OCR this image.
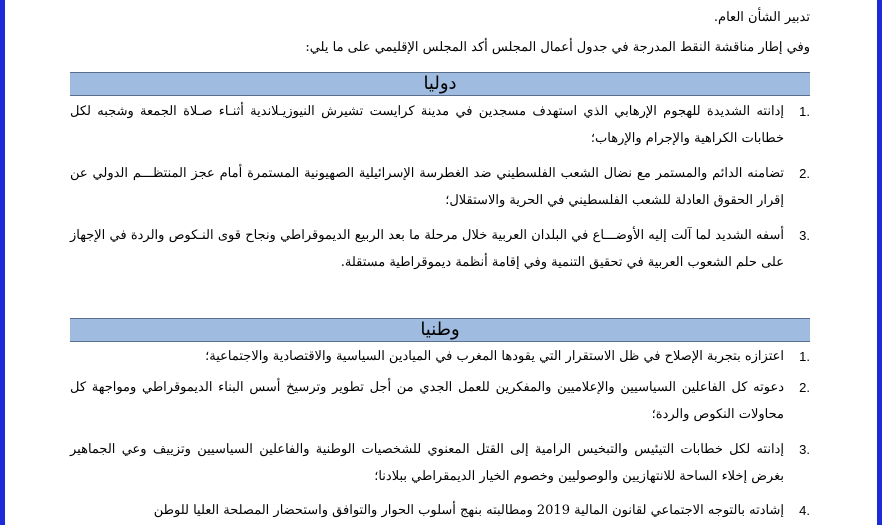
تدبير الشأن العام.
وفي إطار مناقشة النقط المدرجة في جدول أعمال المجلس أكد المجلس الإقليمي على ما يلي:
دوليا
1.
إدانته الشديدة للهجوم الإرهابي الذي استهدف مسجدين في مدينة كرايست تشيرش النيوزيـلاندية أثنـاء صـلاة الجمعة وشجبه لكل خطابات الكراهية والإجرام والإرهاب؛
2.
تضامنه الدائم والمستمر مع نضال الشعب الفلسطيني ضد الغطرسة الإسرائيلية الصهيونية المستمرة أمام عجز المنتظـــم الدولي عن إقرار الحقوق العادلة للشعب الفلسطيني في الحرية والاستقلال؛
3.
أسفه الشديد لما آلت إليه الأوضـــاع في البلدان العربية خلال مرحلة ما بعد الربيع الديموقراطي ونجاح قوى النـكوص والردة في الإجهاز على حلم الشعوب العربية في تحقيق التنمية وفي إقامة أنظمة ديموقراطية مستقلة.
وطنيا
1.
اعتزازه بتجربة الإصلاح في ظل الاستقرار التي يقودها المغرب في الميادين السياسية والاقتصادية والاجتماعية؛
2.
دعوته كل الفاعلين السياسيين والإعلاميين والمفكرين للعمل الجدي من أجل تطوير وترسيخ أسس البناء الديموقراطي ومواجهة كل محاولات النكوص والردة؛
3.
إدانته لكل خطابات التيئيس والتبخيس الرامية إلى القتل المعنوي للشخصيات الوطنية والفاعلين السياسيين وتزييف وعي الجماهير بغرض إخلاء الساحة للانتهازيين والوصوليين وخصوم الخيار الديمقراطي ببلادنا؛
4.
إشادته بالتوجه الاجتماعي لقانون المالية 2019 ومطالبته بنهج أسلوب الحوار والتوافق واستحضار المصلحة العليا للوطن
